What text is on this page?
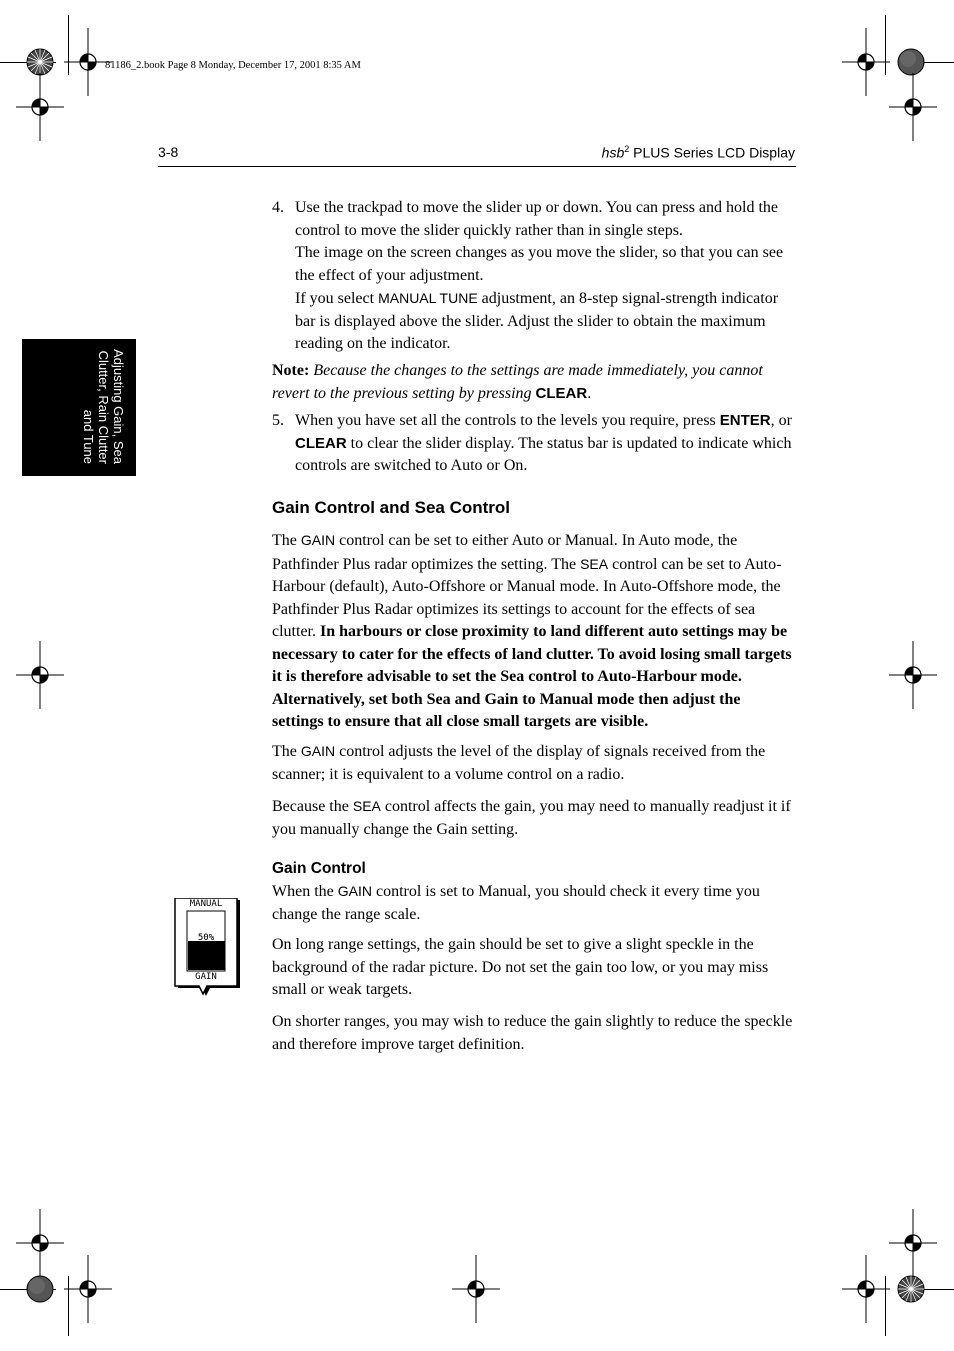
81186_2.book Page 8 Monday, December 17, 2001 8:35 AM
3-8	hsb$^2$ PLUS Series LCD Display
Adjusting Gain, Sea
Clutter, Rain Clutter
and Tune
4. Use the trackpad to move the slider up or down. You can press and hold the control to move the slider quickly rather than in single steps.
The image on the screen changes as you move the slider, so that you can see the effect of your adjustment.
If you select MANUAL TUNE adjustment, an 8-step signal-strength indicator bar is displayed above the slider. Adjust the slider to obtain the maximum reading on the indicator.
Note: Because the changes to the settings are made immediately, you cannot revert to the previous setting by pressing CLEAR.
5. When you have set all the controls to the levels you require, press ENTER, or CLEAR to clear the slider display. The status bar is updated to indicate which controls are switched to Auto or On.
Gain Control and Sea Control
The GAIN control can be set to either Auto or Manual. In Auto mode, the Pathfinder Plus radar optimizes the setting. The SEA control can be set to Auto-Harbour (default), Auto-Offshore or Manual mode. In Auto-Offshore mode, the Pathfinder Plus Radar optimizes its settings to account for the effects of sea clutter. In harbours or close proximity to land different auto settings may be necessary to cater for the effects of land clutter. To avoid losing small targets it is therefore advisable to set the Sea control to Auto-Harbour mode. Alternatively, set both Sea and Gain to Manual mode then adjust the settings to ensure that all close small targets are visible.
The GAIN control adjusts the level of the display of signals received from the scanner; it is equivalent to a volume control on a radio.
Because the SEA control affects the gain, you may need to manually readjust it if you manually change the Gain setting.
Gain Control
When the GAIN control is set to Manual, you should check it every time you change the range scale.
On long range settings, the gain should be set to give a slight speckle in the background of the radar picture. Do not set the gain too low, or you may miss small or weak targets.
On shorter ranges, you may wish to reduce the gain slightly to reduce the speckle and therefore improve target definition.
MANUAL
50%
GAIN
